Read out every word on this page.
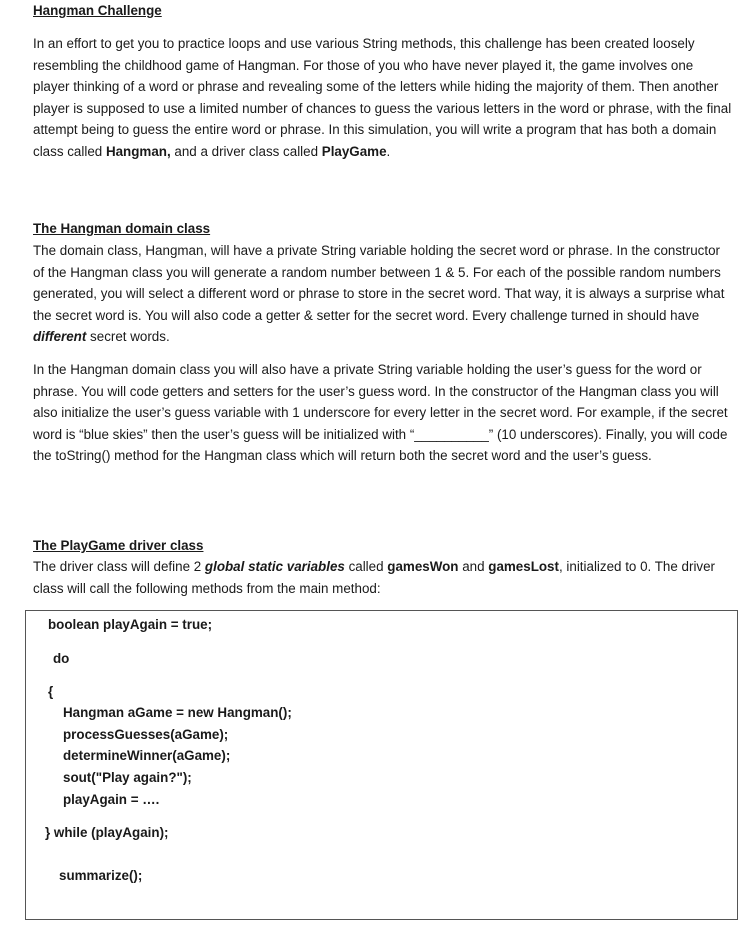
Hangman Challenge

In an effort to get you to practice loops and use various String methods, this challenge has been created loosely resembling the childhood game of Hangman. For those of you who have never played it, the game involves one player thinking of a word or phrase and revealing some of the letters while hiding the majority of them. Then another player is supposed to use a limited number of chances to guess the various letters in the word or phrase, with the final attempt being to guess the entire word or phrase. In this simulation, you will write a program that has both a domain class called Hangman, and a driver class called PlayGame.

The Hangman domain class

The domain class, Hangman, will have a private String variable holding the secret word or phrase. In the constructor of the Hangman class you will generate a random number between 1 & 5. For each of the possible random numbers generated, you will select a different word or phrase to store in the secret word. That way, it is always a surprise what the secret word is. You will also code a getter & setter for the secret word. Every challenge turned in should have different secret words.

In the Hangman domain class you will also have a private String variable holding the user’s guess for the word or phrase. You will code getters and setters for the user’s guess word. In the constructor of the Hangman class you will also initialize the user’s guess variable with 1 underscore for every letter in the secret word. For example, if the secret word is “blue skies” then the user’s guess will be initialized with “__________” (10 underscores). Finally, you will code the toString() method for the Hangman class which will return both the secret word and the user’s guess.

The PlayGame driver class

The driver class will define 2 global static variables called gamesWon and gamesLost, initialized to 0. The driver class will call the following methods from the main method:

boolean playAgain = true;
do
{
Hangman aGame = new Hangman();
processGuesses(aGame);
determineWinner(aGame);
sout("Play again?");
playAgain = ….
} while (playAgain);
summarize();
